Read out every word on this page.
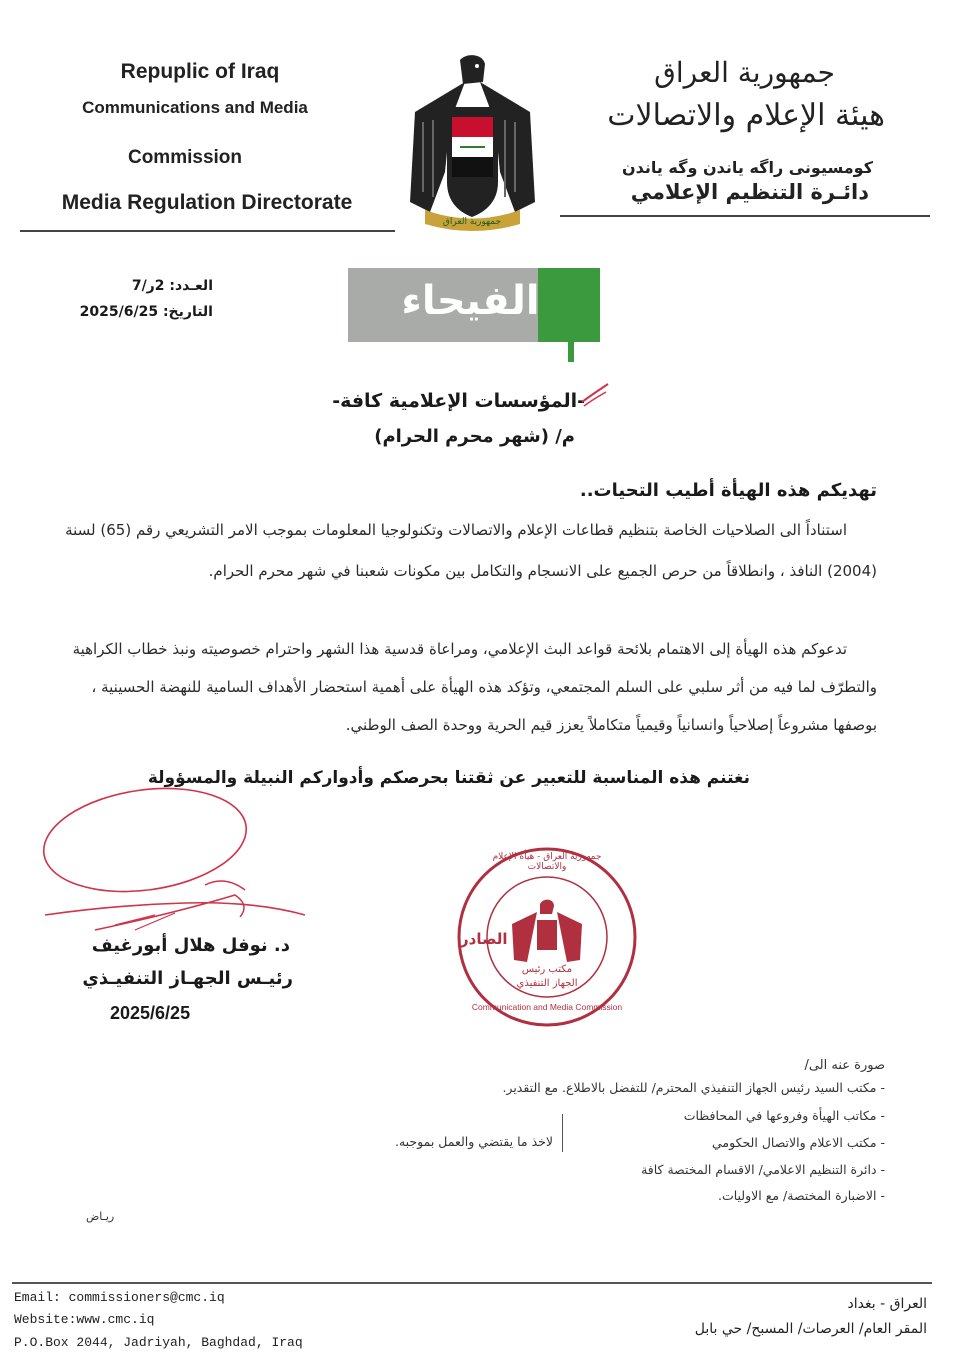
Repuplic of Iraq
Communications and Media
Commission
Media Regulation Directorate
جمهورية العراق
جمهورية العراق
هيئة الإعلام والاتصالات
كومسيونى راگه ياندن وگه ياندن
دائـرة التنظيم الإعلامي
العـدد: 2ر/7
التاريخ: 2025/6/25	الفيحاء
-المؤسسات الإعلامية كافة-
م/ (شهر محرم الحرام)
تهديكم هذه الهيأة أطيب التحيات..
استناداً الى الصلاحيات الخاصة بتنظيم قطاعات الإعلام والاتصالات وتكنولوجيا المعلومات بموجب الامر التشريعي رقم (65) لسنة (2004) النافذ ، وانطلاقاً من حرص الجميع على الانسجام والتكامل بين مكونات شعبنا في شهر محرم الحرام.
تدعوكم هذه الهيأة إلى الاهتمام بلائحة قواعد البث الإعلامي، ومراعاة قدسية هذا الشهر واحترام خصوصيته ونبذ خطاب الكراهية والتطرّف لما فيه من أثر سلبي على السلم المجتمعي، وتؤكد هذه الهيأة على أهمية استحضار الأهداف السامية للنهضة الحسينية ، بوصفها مشروعاً إصلاحياً وانسانياً وقيمياً متكاملاً يعزز قيم الحرية ووحدة الصف الوطني.
نغتنم هذه المناسبة للتعبير عن ثقتنا بحرصكم وأدواركم النبيلة والمسؤولة
د. نوفل هلال أبورغيف
رئيـس الجهـاز التنفيـذي
2025/6/25
جمهورية العراق - هيأة الإعلام والاتصالات
Communication and Media Commission
الصادر
مكتب رئيس
الجهاز التنفيذي
صورة عنه الى/
- مكتب السيد رئيس الجهاز التنفيذي المحترم/ للتفضل بالاطلاع. مع التقدير.
- مكاتب الهيأة وفروعها في المحافظات
- مكتب الاعلام والاتصال الحكومي
- دائرة التنظيم الاعلامي/ الاقسام المختصة كافة
- الاضبارة المختصة/ مع الاوليات.
لاخذ ما يقتضي والعمل بموجبه.
ريـاض
Email: commissioners@cmc.iq
Website:www.cmc.iq
P.O.Box 2044, Jadriyah, Baghdad, Iraq
العراق - بغداد
المقر العام/ العرصات/ المسبح/ حي بابل
